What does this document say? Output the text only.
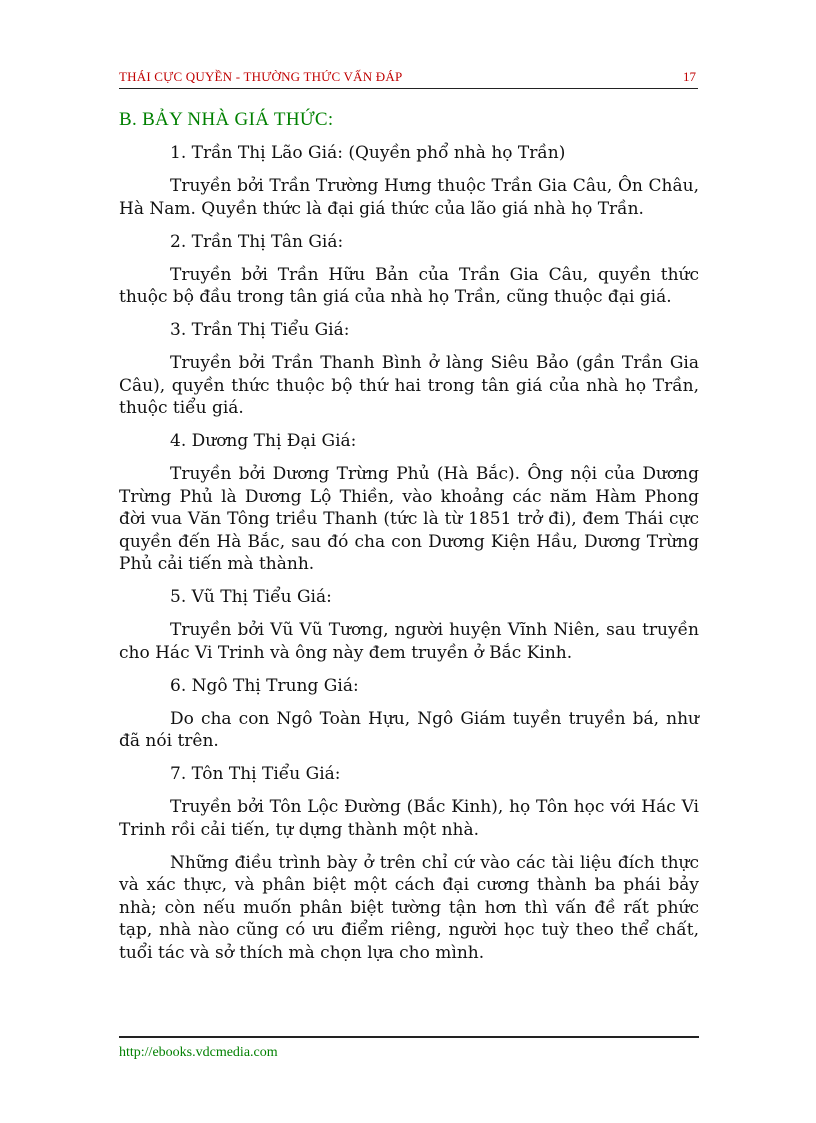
THÁI CỰC QUYỀN - THƯỜNG THỨC VẤN ĐÁP	17
B. BẢY NHÀ GIÁ THỨC:
1. Trần Thị Lão Giá: (Quyền phổ nhà họ Trần)
Truyền bởi Trần Trường Hưng thuộc Trần Gia Câu, Ôn Châu, Hà Nam. Quyền thức là đại giá thức của lão giá nhà họ Trần.
2. Trần Thị Tân Giá:
Truyền bởi Trần Hữu Bản của Trần Gia Câu, quyền thức thuộc bộ đầu trong tân giá của nhà họ Trần, cũng thuộc đại giá.
3. Trần Thị Tiểu Giá:
Truyền bởi Trần Thanh Bình ở làng Siêu Bảo (gần Trần Gia Câu), quyền thức thuộc bộ thứ hai trong tân giá của nhà họ Trần, thuộc tiểu giá.
4. Dương Thị Đại Giá:
Truyền bởi Dương Trừng Phủ (Hà Bắc). Ông nội của Dương Trừng Phủ là Dương Lộ Thiền, vào khoảng các năm Hàm Phong đời vua Văn Tông triều Thanh (tức là từ 1851 trở đi), đem Thái cực quyền đến Hà Bắc, sau đó cha con Dương Kiện Hầu, Dương Trừng Phủ cải tiến mà thành.
5. Vũ Thị Tiểu Giá:
Truyền bởi Vũ Vũ Tương, người huyện Vĩnh Niên, sau truyền cho Hác Vi Trinh và ông này đem truyền ở Bắc Kinh.
6. Ngô Thị Trung Giá:
Do cha con Ngô Toàn Hựu, Ngô Giám tuyền truyền bá, như đã nói trên.
7. Tôn Thị Tiểu Giá:
Truyền bởi Tôn Lộc Đường (Bắc Kinh), họ Tôn học với Hác Vi Trinh rồi cải tiến, tự dựng thành một nhà.
Những điều trình bày ở trên chỉ cứ vào các tài liệu đích thực và xác thực, và phân biệt một cách đại cương thành ba phái bảy nhà; còn nếu muốn phân biệt tường tận hơn thì vấn đề rất phức tạp, nhà nào cũng có ưu điểm riêng, người học tuỳ theo thể chất, tuổi tác và sở thích mà chọn lựa cho mình.
http://ebooks.vdcmedia.com
